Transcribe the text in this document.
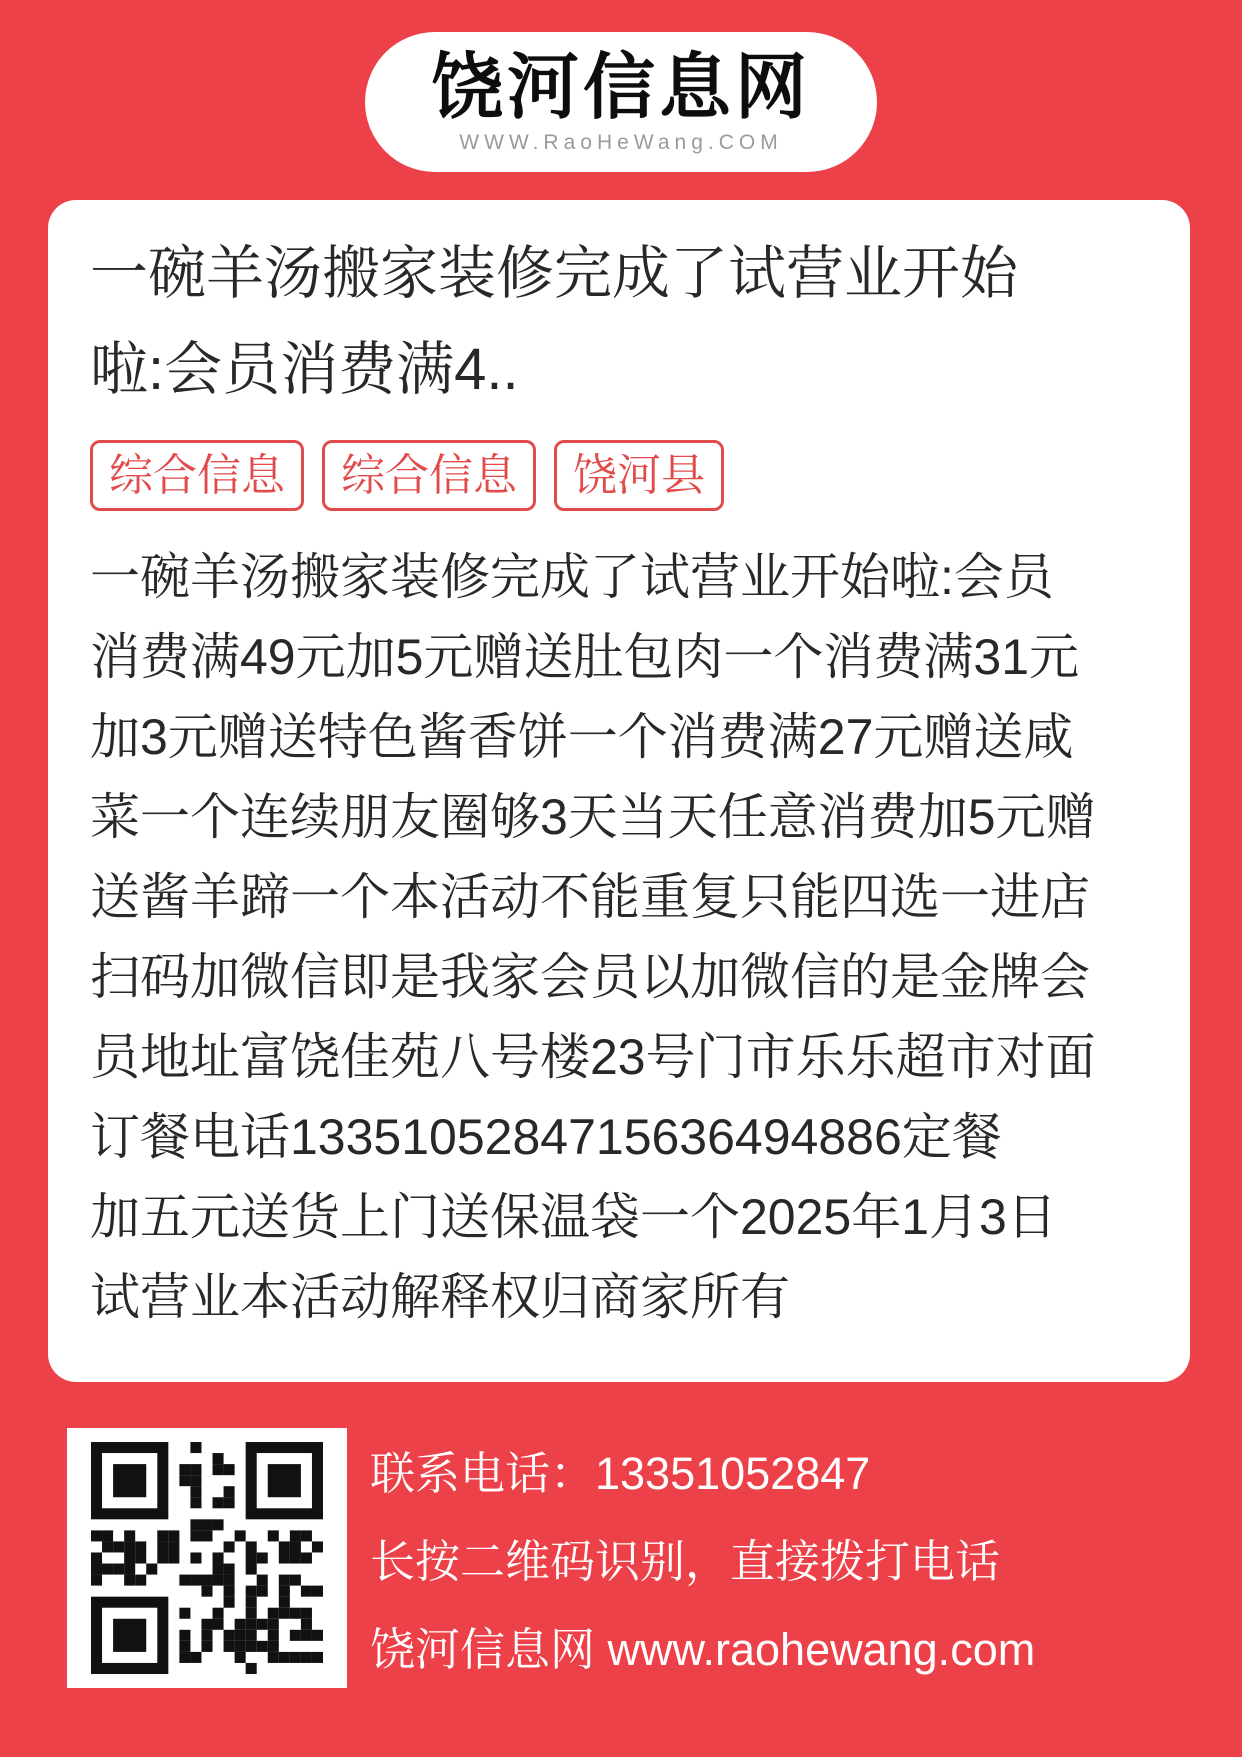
饶河信息网
WWW.RaoHeWang.COM
一碗羊汤搬家装修完成了试营业开始
啦:会员消费满4..
综合信息	综合信息	饶河县
一碗羊汤搬家装修完成了试营业开始啦:会员
消费满49元加5元赠送肚包肉一个消费满31元
加3元赠送特色酱香饼一个消费满27元赠送咸
菜一个连续朋友圈够3天当天任意消费加5元赠
送酱羊蹄一个本活动不能重复只能四选一进店
扫码加微信即是我家会员以加微信的是金牌会
员地址富饶佳苑八号楼23号门市乐乐超市对面
订餐电话1335105284715636494886定餐
加五元送货上门送保温袋一个2025年1月3日
试营业本活动解释权归商家所有
联系电话：13351052847
长按二维码识别，直接拨打电话
饶河信息网 www.raohewang.com
